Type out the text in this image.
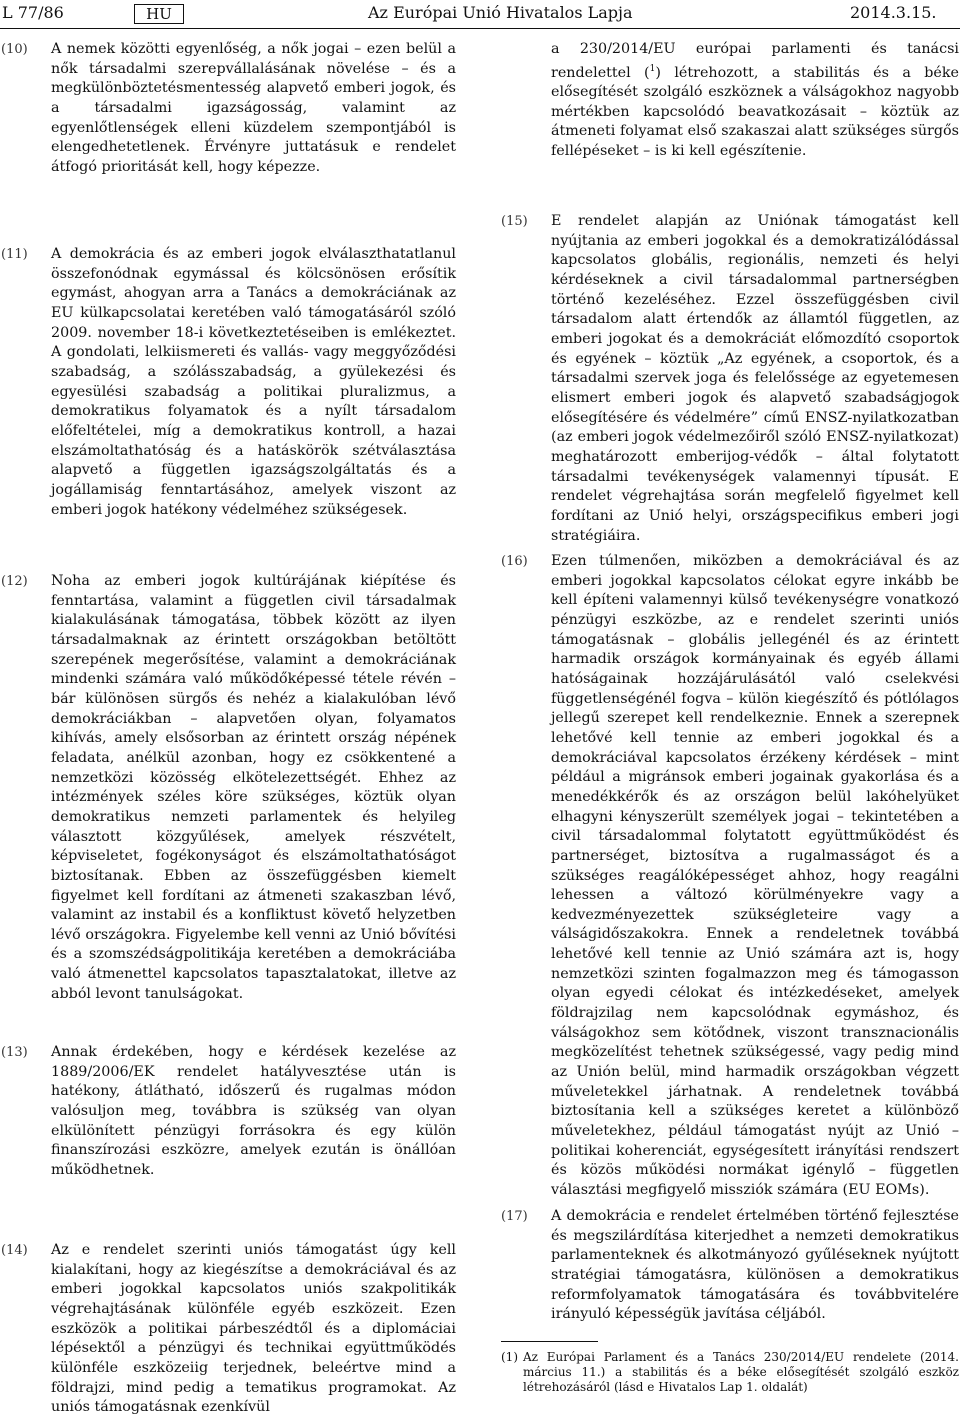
L 77/86	HU	Az Európai Unió Hivatalos Lapja	2014.3.15.
(10) A nemek közötti egyenlőség, a nők jogai – ezen belül a nők társadalmi szerepvállalásának növelése – és a megkülönböztetésmentesség alapvető emberi jogok, és a társadalmi igazságosság, valamint az egyenlőtlenségek elleni küzdelem szempontjából is elengedhetetlenek. Érvényre juttatásuk e rendelet átfogó prioritását kell, hogy képezze.

(11) A demokrácia és az emberi jogok elválaszthatatlanul összefonódnak egymással és kölcsönösen erősítik egymást, ahogyan arra a Tanács a demokráciának az EU külkapcsolatai keretében való támogatásáról szóló 2009. november 18-i következtetéseiben is emlékeztet. A gondolati, lelkiismereti és vallás- vagy meggyőződési szabadság, a szólásszabadság, a gyülekezési és egyesülési szabadság a politikai pluralizmus, a demokratikus folyamatok és a nyílt társadalom előfeltételei, míg a demokratikus kontroll, a hazai elszámoltathatóság és a hatáskörök szétválasztása alapvető a független igazságszolgáltatás és a jogállamiság fenntartásához, amelyek viszont az emberi jogok hatékony védelméhez szükségesek.

(12) Noha az emberi jogok kultúrájának kiépítése és fenntartása, valamint a független civil társadalmak kialakulásának támogatása, többek között az ilyen társadalmaknak az érintett országokban betöltött szerepének megerősítése, valamint a demokráciának mindenki számára való működőképessé tétele révén – bár különösen sürgős és nehéz a kialakulóban lévő demokráciákban – alapvetően olyan, folyamatos kihívás, amely elsősorban az érintett ország népének feladata, anélkül azonban, hogy ez csökkentené a nemzetközi közösség elkötelezettségét. Ehhez az intézmények széles köre szükséges, köztük olyan demokratikus nemzeti parlamentek és helyileg választott közgyűlések, amelyek részvételt, képviseletet, fogékonyságot és elszámoltathatóságot biztosítanak. Ebben az összefüggésben kiemelt figyelmet kell fordítani az átmeneti szakaszban lévő, valamint az instabil és a konfliktust követő helyzetben lévő országokra. Figyelembe kell venni az Unió bővítési és a szomszédságpolitikája keretében a demokráciába való átmenettel kapcsolatos tapasztalatokat, illetve az abból levont tanulságokat.

(13) Annak érdekében, hogy e kérdések kezelése az 1889/2006/EK rendelet hatályvesztése után is hatékony, átlátható, időszerű és rugalmas módon valósuljon meg, továbbra is szükség van olyan elkülönített pénzügyi forrásokra és egy külön finanszírozási eszközre, amelyek ezután is önállóan működhetnek.

(14) Az e rendelet szerinti uniós támogatást úgy kell kialakítani, hogy az kiegészítse a demokráciával és az emberi jogokkal kapcsolatos uniós szakpolitikák végrehajtásának különféle egyéb eszközeit. Ezen eszközök a politikai párbeszédtől és a diplomáciai lépésektől a pénzügyi és technikai együttműködés különféle eszközeiig terjednek, beleértve mind a földrajzi, mind pedig a tematikus programokat. Az uniós támogatásnak ezenkívül

a 230/2014/EU európai parlamenti és tanácsi rendelettel ($^1$) létrehozott, a stabilitás és a béke elősegítését szolgáló eszköznek a válságokhoz nagyobb mértékben kapcsolódó beavatkozásait – köztük az átmeneti folyamat első szakaszai alatt szükséges sürgős fellépéseket – is ki kell egészítenie.

(15) E rendelet alapján az Uniónak támogatást kell nyújtania az emberi jogokkal és a demokratizálódással kapcsolatos globális, regionális, nemzeti és helyi kérdéseknek a civil társadalommal partnerségben történő kezeléséhez. Ezzel összefüggésben civil társadalom alatt értendők az államtól független, az emberi jogokat és a demokráciát előmozdító csoportok és egyének – köztük „Az egyének, a csoportok, és a társadalmi szervek joga és felelőssége az egyetemesen elismert emberi jogok és alapvető szabadságjogok elősegítésére és védelmére” című ENSZ-nyilatkozatban (az emberi jogok védelmezőiről szóló ENSZ-nyilatkozat) meghatározott emberijog-védők – által folytatott társadalmi tevékenységek valamennyi típusát. E rendelet végrehajtása során megfelelő figyelmet kell fordítani az Unió helyi, országspecifikus emberi jogi stratégiáira.

(16) Ezen túlmenően, miközben a demokráciával és az emberi jogokkal kapcsolatos célokat egyre inkább be kell építeni valamennyi külső tevékenységre vonatkozó pénzügyi eszközbe, az e rendelet szerinti uniós támogatásnak – globális jellegénél és az érintett harmadik országok kormányainak és egyéb állami hatóságainak hozzájárulásától való cselekvési függetlenségénél fogva – külön kiegészítő és pótlólagos jellegű szerepet kell rendelkeznie. Ennek a szerepnek lehetővé kell tennie az emberi jogokkal és a demokráciával kapcsolatos érzékeny kérdések – mint például a migránsok emberi jogainak gyakorlása és a menedékkérők és az országon belül lakóhelyüket elhagyni kényszerült személyek jogai – tekintetében a civil társadalommal folytatott együttműködést és partnerséget, biztosítva a rugalmasságot és a szükséges reagálóképességet ahhoz, hogy reagálni lehessen a változó körülményekre vagy a kedvezményezettek szükségleteire vagy a válságidőszakokra. Ennek a rendeletnek továbbá lehetővé kell tennie az Unió számára azt is, hogy nemzetközi szinten fogalmazzon meg és támogasson olyan egyedi célokat és intézkedéseket, amelyek földrajzilag nem kapcsolódnak egymáshoz, és válságokhoz sem kötődnek, viszont transznacionális megközelítést tehetnek szükségessé, vagy pedig mind az Unión belül, mind harmadik országokban végzett műveletekkel járhatnak. A rendeletnek továbbá biztosítania kell a szükséges keretet a különböző műveletekhez, például támogatást nyújt az Unió – politikai koherenciát, egységesített irányítási rendszert és közös működési normákat igénylő – független választási megfigyelő missziók számára (EU EOMs).

(17) A demokrácia e rendelet értelmében történő fejlesztése és megszilárdítása kiterjedhet a nemzeti demokratikus parlamenteknek és alkotmányozó gyűléseknek nyújtott stratégiai támogatásra, különösen a demokratikus reformfolyamatok támogatására és továbbvitelére irányuló képességük javítása céljából.

(1) Az Európai Parlament és a Tanács 230/2014/EU rendelete (2014. március 11.) a stabilitás és a béke elősegítését szolgáló eszköz létrehozásáról (lásd e Hivatalos Lap 1. oldalát)
